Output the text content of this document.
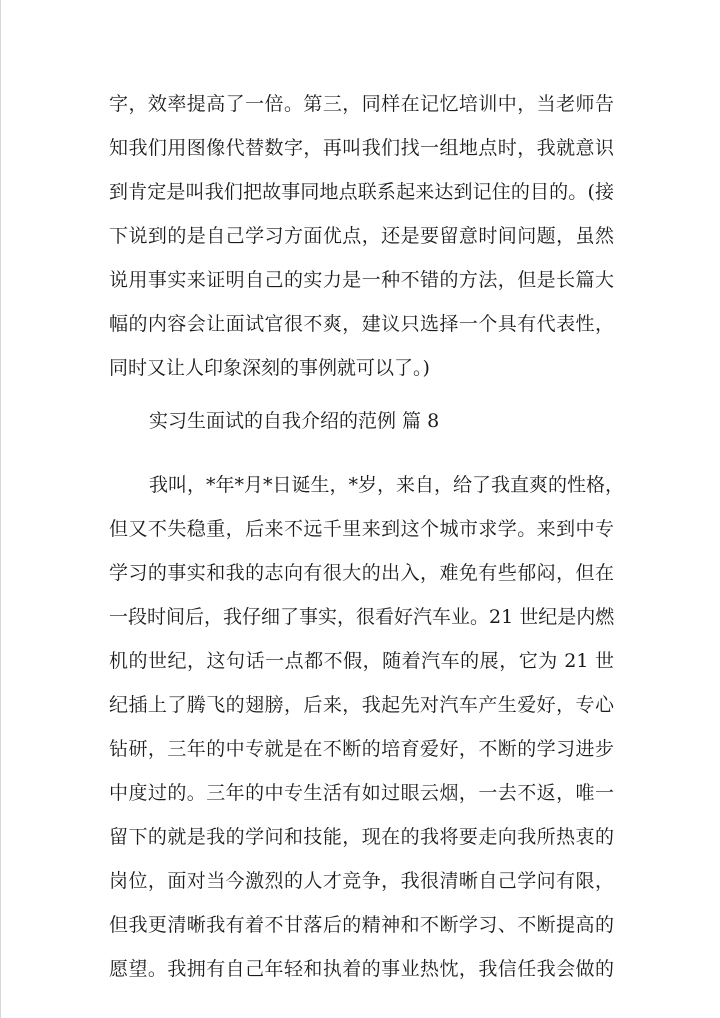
字，效率提高了一倍。第三，同样在记忆培训中，当老师告
知我们用图像代替数字，再叫我们找一组地点时，我就意识
到肯定是叫我们把故事同地点联系起来达到记住的目的。(接
下说到的是自己学习方面优点，还是要留意时间问题，虽然
说用事实来证明自己的实力是一种不错的方法，但是长篇大
幅的内容会让面试官很不爽，建议只选择一个具有代表性，
同时又让人印象深刻的事例就可以了。)
实习生面试的自我介绍的范例 篇 8
我叫，*年*月*日诞生，*岁，来自，给了我直爽的性格，
但又不失稳重，后来不远千里来到这个城市求学。来到中专
学习的事实和我的志向有很大的出入，难免有些郁闷，但在
一段时间后，我仔细了事实，很看好汽车业。21 世纪是内燃
机的世纪，这句话一点都不假，随着汽车的展，它为 21 世
纪插上了腾飞的翅膀，后来，我起先对汽车产生爱好，专心
钻研，三年的中专就是在不断的培育爱好，不断的学习进步
中度过的。三年的中专生活有如过眼云烟，一去不返，唯一
留下的就是我的学问和技能，现在的我将要走向我所热衷的
岗位，面对当今激烈的人才竞争，我很清晰自己学问有限，
但我更清晰我有着不甘落后的精神和不断学习、不断提高的
愿望。我拥有自己年轻和执着的事业热忱，我信任我会做的
